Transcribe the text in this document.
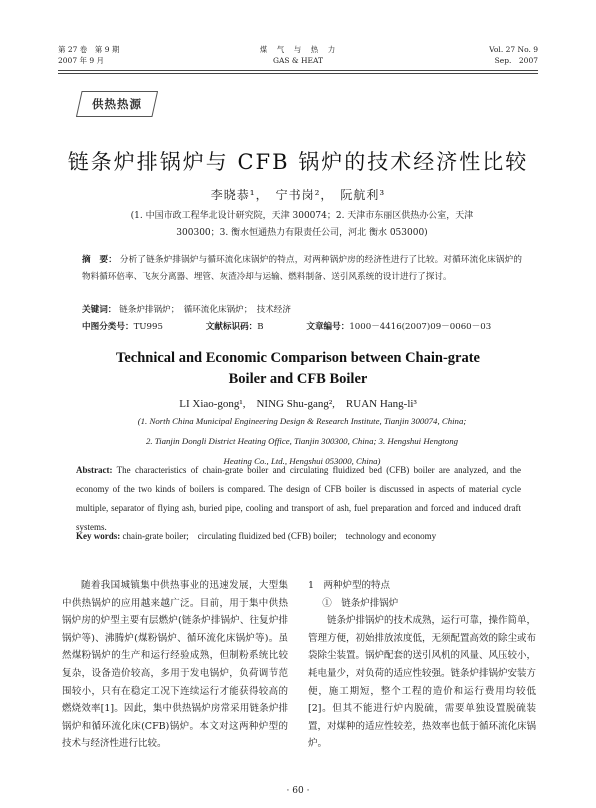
第 27 卷　第 9 期
2007 年 9 月
煤　气　与　热　力
GAS & HEAT
Vol. 27 No. 9
Sep.　2007
供热热源
链条炉排锅炉与 CFB 锅炉的技术经济性比较
李晓恭¹，　宁书岗²，　阮航利³
(1. 中国市政工程华北设计研究院，天津 300074；2. 天津市东丽区供热办公室，天津
300300；3. 衡水恒通热力有限责任公司，河北 衡水 053000)
摘　要： 分析了链条炉排锅炉与循环流化床锅炉的特点，对两种锅炉房的经济性进行了比较。对循环流化床锅炉的物料循环倍率、飞灰分离器、埋管、灰渣冷却与运输、燃料制备、送引风系统的设计进行了探讨。
关键词： 链条炉排锅炉；　循环流化床锅炉；　技术经济
中图分类号：TU995	文献标识码：B	文章编号：1000－4416(2007)09－0060－03
Technical and Economic Comparison between Chain-grate
Boiler and CFB Boiler
LI Xiao-gong¹,　NING Shu-gang²,　RUAN Hang-li³
(1. North China Municipal Engineering Design & Research Institute, Tianjin 300074, China;
2. Tianjin Dongli District Heating Office, Tianjin 300300, China; 3. Hengshui Hengtong
Heating Co., Ltd., Hengshui 053000, China)
Abstract: The characteristics of chain-grate boiler and circulating fluidized bed (CFB) boiler are analyzed, and the economy of the two kinds of boilers is compared. The design of CFB boiler is discussed in aspects of material cycle multiple, separator of flying ash, buried pipe, cooling and transport of ash, fuel preparation and forced and induced draft systems.
Key words: chain-grate boiler;　circulating fluidized bed (CFB) boiler;　technology and economy

随着我国城镇集中供热事业的迅速发展，大型集中供热锅炉的应用越来越广泛。目前，用于集中供热锅炉房的炉型主要有层燃炉(链条炉排锅炉、往复炉排锅炉等)、沸腾炉(煤粉锅炉、循环流化床锅炉等)。虽然煤粉锅炉的生产和运行经验成熟，但制粉系统比较复杂，设备造价较高，多用于发电锅炉，负荷调节范围较小，只有在稳定工况下连续运行才能获得较高的燃烧效率[1]。因此，集中供热锅炉房常采用链条炉排锅炉和循环流化床(CFB)锅炉。本文对这两种炉型的技术与经济性进行比较。

1　两种炉型的特点

①　链条炉排锅炉

链条炉排锅炉的技术成熟，运行可靠，操作简单，管理方便，初始排放浓度低，无须配置高效的除尘或布袋除尘装置。锅炉配套的送引风机的风量、风压较小，耗电量少，对负荷的适应性较强。链条炉排锅炉安装方便，施工期短，整个工程的造价和运行费用均较低[2]。但其不能进行炉内脱硫，需要单独设置脱硫装置，对煤种的适应性较差，热效率也低于循环流化床锅炉。

· 60 ·
